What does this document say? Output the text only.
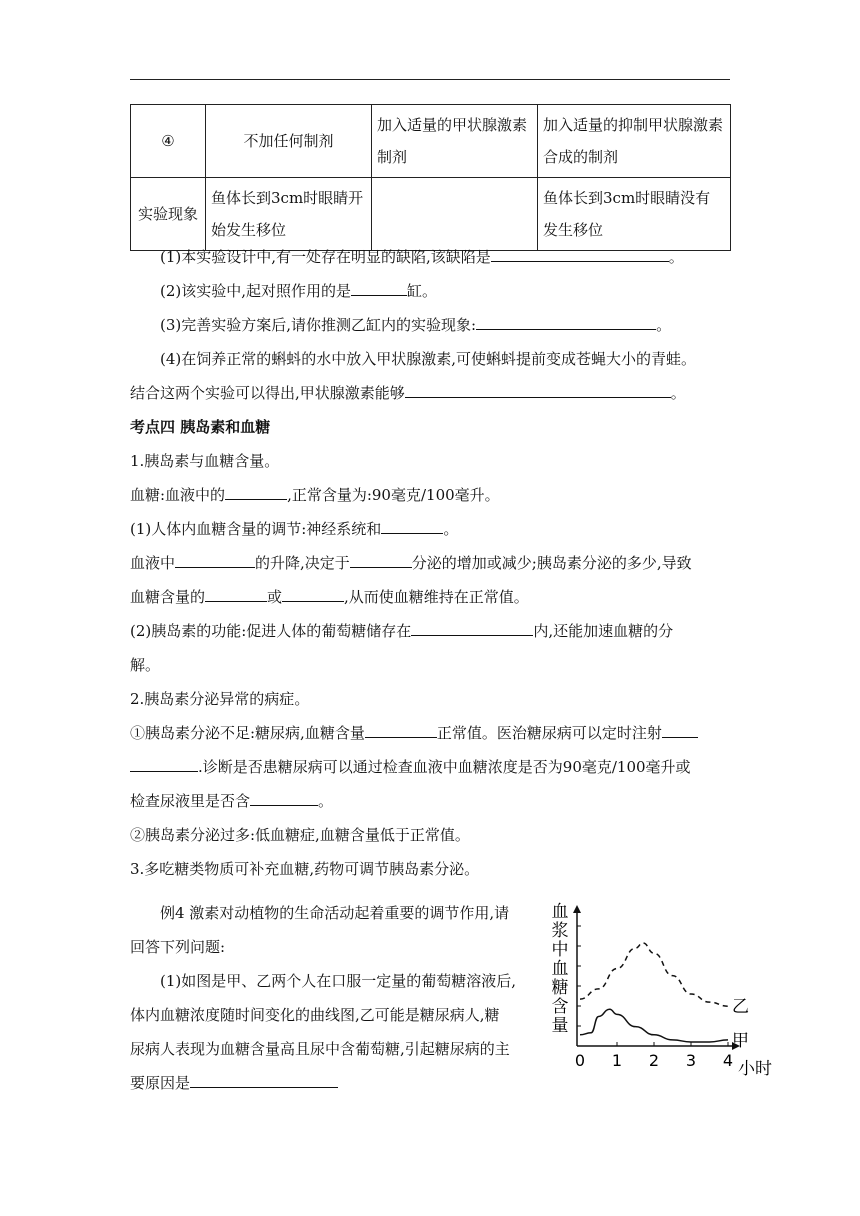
④	不加任何制剂	加入适量的甲状腺激素制剂	加入适量的抑制甲状腺激素合成的制剂
实验现象	鱼体长到3cm时眼睛开始发生移位		鱼体长到3cm时眼睛没有发生移位
(1)本实验设计中,有一处存在明显的缺陷,该缺陷是	。
(2)该实验中,起对照作用的是	缸。
(3)完善实验方案后,请你推测乙缸内的实验现象:	。
(4)在饲养正常的蝌蚪的水中放入甲状腺激素,可使蝌蚪提前变成苍蝇大小的青蛙。
结合这两个实验可以得出,甲状腺激素能够	。
考点四 胰岛素和血糖
1.胰岛素与血糖含量。
血糖:血液中的	,正常含量为:90毫克/100毫升。
(1)人体内血糖含量的调节:神经系统和	。
血液中	的升降,决定于	分泌的增加或减少;胰岛素分泌的多少,导致
血糖含量的	或	,从而使血糖维持在正常值。
(2)胰岛素的功能:促进人体的葡萄糖储存在	内,还能加速血糖的分
解。
2.胰岛素分泌异常的病症。
①胰岛素分泌不足:糖尿病,血糖含量	正常值。医治糖尿病可以定时注射
.诊断是否患糖尿病可以通过检查血液中血糖浓度是否为90毫克/100毫升或
检查尿液里是否含	。
②胰岛素分泌过多:低血糖症,血糖含量低于正常值。
3.多吃糖类物质可补充血糖,药物可调节胰岛素分泌。
例4 激素对动植物的生命活动起着重要的调节作用,请
回答下列问题:
(1)如图是甲、乙两个人在口服一定量的葡萄糖溶液后,
体内血糖浓度随时间变化的曲线图,乙可能是糖尿病人,糖
尿病人表现为血糖含量高且尿中含葡萄糖,引起糖尿病的主
要原因是
血
浆
中
血
糖
含
量
0 1 2 3 4
乙
甲
小时
